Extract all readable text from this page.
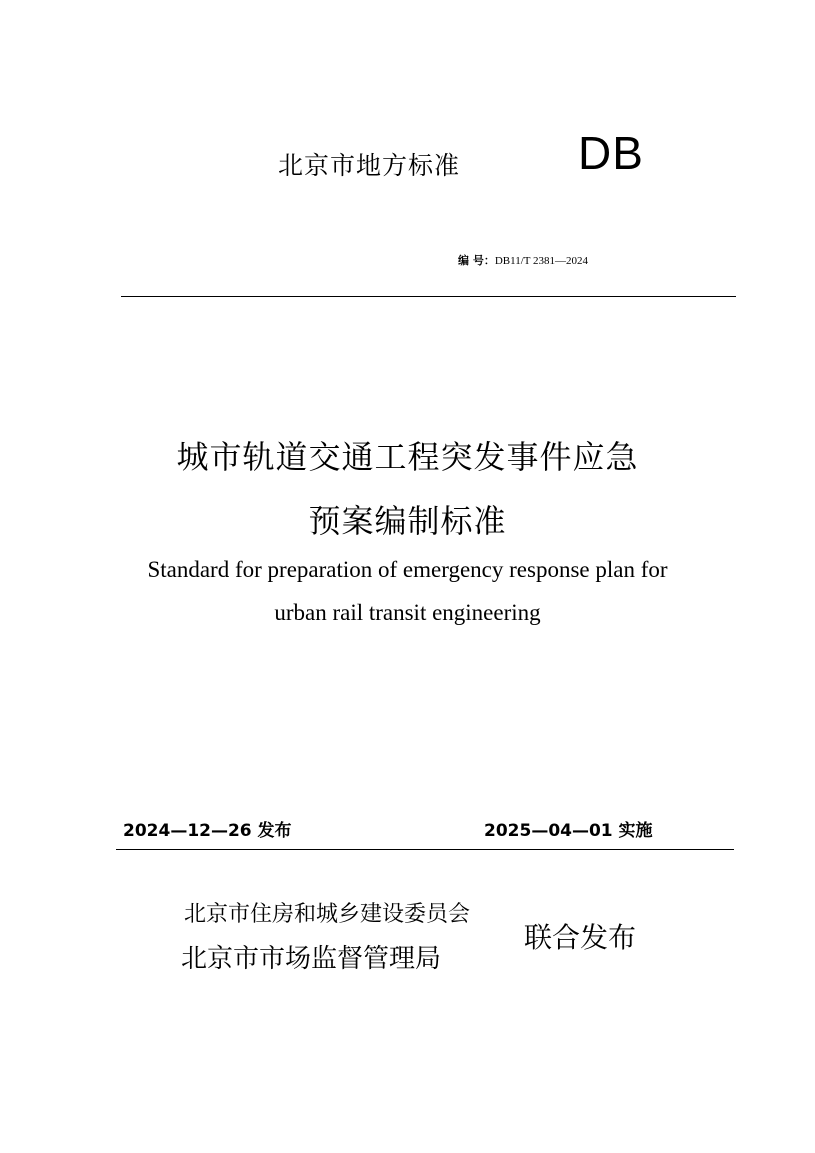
北京市地方标准	DB
编 号：DB11/T 2381—2024
城市轨道交通工程突发事件应急
预案编制标准
Standard for preparation of emergency response plan for
urban rail transit engineering
2024—12—26 发布	2025—04—01 实施
北京市住房和城乡建设委员会
北京市市场监督管理局
联合发布
